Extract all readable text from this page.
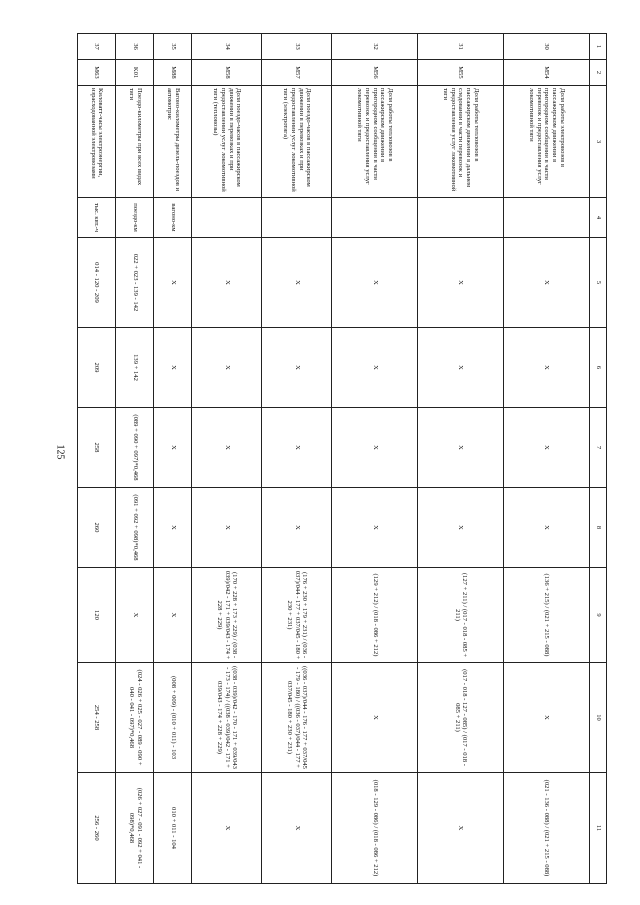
125
1	2	3	4	5	6	7	8	9	10	11
30	M54	Доля работы электровозов в пассажирском движении в пригородном сообщении в части перевозок и предоставления услуг локомотивной тяги		X	X	X	X	(136 + 215) / (021 + 215 - 088)	X	(021 - 136 - 088) / (021 + 215 - 088)
31	M55	Доля работы тепловозов в пассажирском движении в дальнем следовании в части перевозок и предоставления услуг локомотивной тяги		X	X	X	X	(127 + 211) / (017 - 018 - 085 + 211)	(017 - 018 - 127 - 085) / (017 - 018 - 085 + 211)	X
32	M56	Доля работы тепловозов в пассажирском движении в пригородном сообщении в части перевозок и предоставления услуг локомотивной тяги		X	X	X	X	(129 + 212) / (018 - 086 + 212)	X	(018 - 129 - 086) / (018 - 086 + 212)
33	M57	Доля поездо-часов в пассажирском движении в перевозках и при предоставлении услуг локомотивной тяги (электротяга)		X	X	X	X	(176 + 230 + 179 + 231) / (036 - 037)/044 - 177 + 037/045 - 180 + 230 + 231)	((036 - 037)/044 - 176 - 177 + 037/045 - 179 - 180) / ((036 - 037)/044 - 177 + 037/045 - 180 + 230 + 231)	X
34	M58	Доля поездо-часов в пассажирском движении в перевозках и при предоставлении услуг локомотивной тяги (тепловозы)		X	X	X	X	(170 + 228 + 173 + 229) / (038 - 039)/042 - 171 + 039/043 - 174 + 228 + 229)	((038 - 039)/042 - 170 - 171 + 039/043 - 173 - 174) / ((038 - 039)/042 - 171 + 039/043 - 174 + 228 + 229)	X
35	M88	Вагоно-километры дизель-поездов и автомотрис	вагоно-км	X	X	X	X	X	(008 + 009) - (010 + 011) - 103	010 + 011 - 104
36	K01	Поездо-километры при всех видах тяги	поездо-км	022 + 023 - 139 - 142	139 + 142	(089 + 090 + 097)*0,468	(091 + 092 + 098)*0,468	X	(024 - 026 + 025 - 027 - 089 - 090 + 040 - 041 - 097)*0,468	(026 + 027 - 091 - 092 + 041 - 098)*0,468
37	M63	Киловатт-часы электроэнергии, израсходованной электровозами	тыс. квт.-ч	014 - 120 - 209	209	258	260	120	254 - 258	256 - 260
